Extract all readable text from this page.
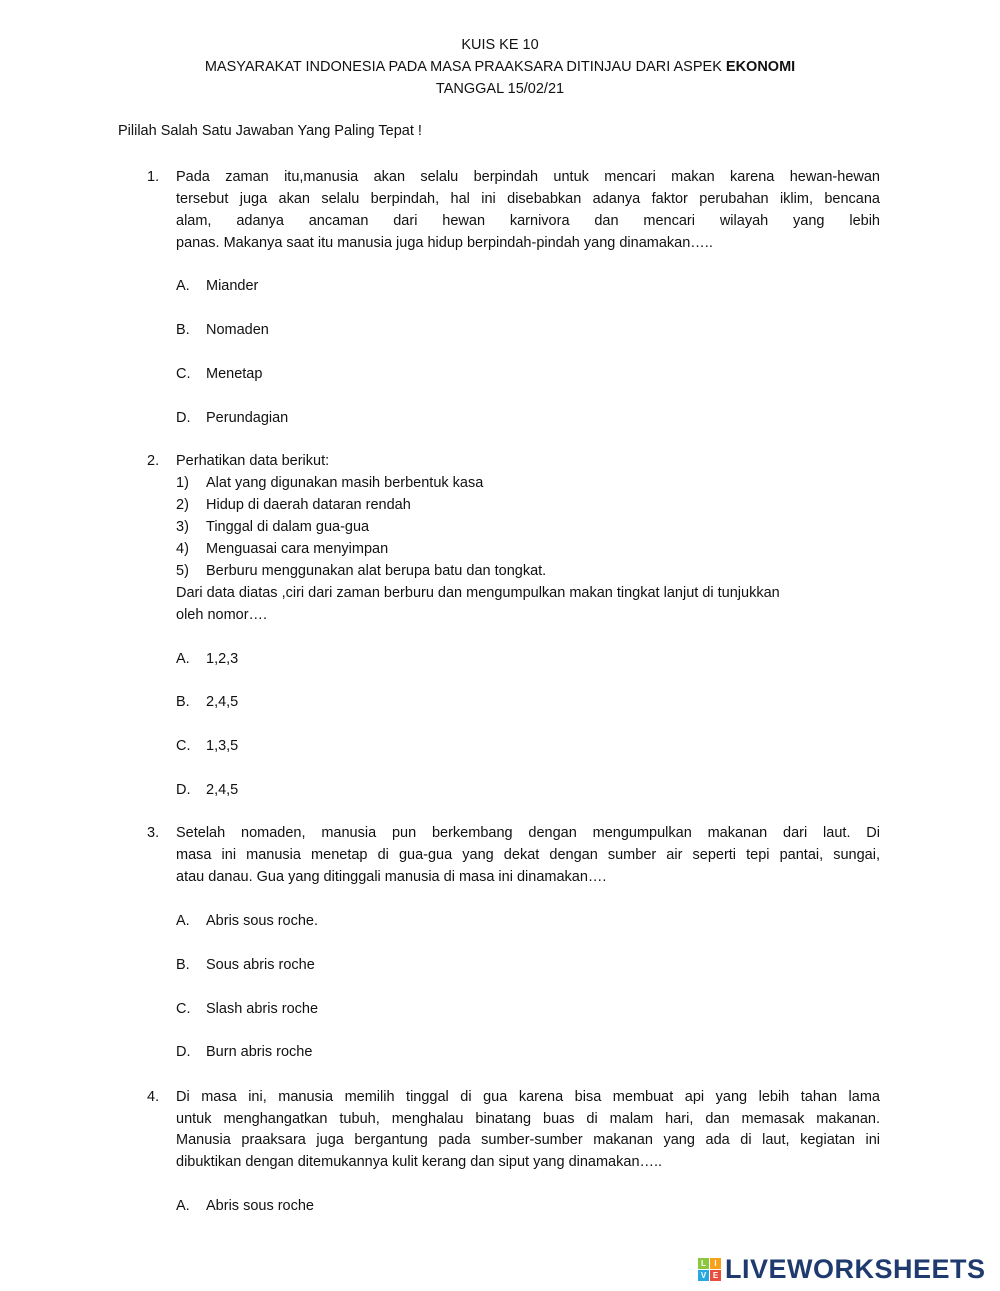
KUIS KE 10
MASYARAKAT INDONESIA PADA MASA PRAAKSARA DITINJAU DARI ASPEK EKONOMI
TANGGAL 15/02/21
Pililah Salah Satu Jawaban Yang Paling Tepat !
1. Pada zaman itu,manusia akan selalu berpindah untuk mencari makan karena hewan-hewan
tersebut juga akan selalu berpindah, hal ini disebabkan adanya faktor perubahan iklim, bencana
alam, adanya ancaman dari hewan karnivora dan mencari wilayah yang lebih
panas. Makanya saat itu manusia juga hidup berpindah-pindah yang dinamakan…..
A. Miander
B. Nomaden
C. Menetap
D. Perundagian
2. Perhatikan data berikut:
1) Alat yang digunakan masih berbentuk kasa
2) Hidup di daerah dataran rendah
3) Tinggal di dalam gua-gua
4) Menguasai cara menyimpan
5) Berburu menggunakan alat berupa batu dan tongkat.
Dari data diatas ,ciri dari zaman berburu dan mengumpulkan makan tingkat lanjut di tunjukkan
oleh nomor….
A. 1,2,3
B. 2,4,5
C. 1,3,5
D. 2,4,5
3. Setelah nomaden, manusia pun berkembang dengan mengumpulkan makanan dari laut. Di
masa ini manusia menetap di gua-gua yang dekat dengan sumber air seperti tepi pantai, sungai,
atau danau. Gua yang ditinggali manusia di masa ini dinamakan….
A. Abris sous roche.
B. Sous abris roche
C. Slash abris roche
D. Burn abris roche
4. Di masa ini, manusia memilih tinggal di gua karena bisa membuat api yang lebih tahan lama
untuk menghangatkan tubuh, menghalau binatang buas di malam hari, dan memasak makanan.
Manusia praaksara juga bergantung pada sumber-sumber makanan yang ada di laut, kegiatan ini
dibuktikan dengan ditemukannya kulit kerang dan siput yang dinamakan…..
A. Abris sous roche
L	I
V E LIVEWORKSHEETS
